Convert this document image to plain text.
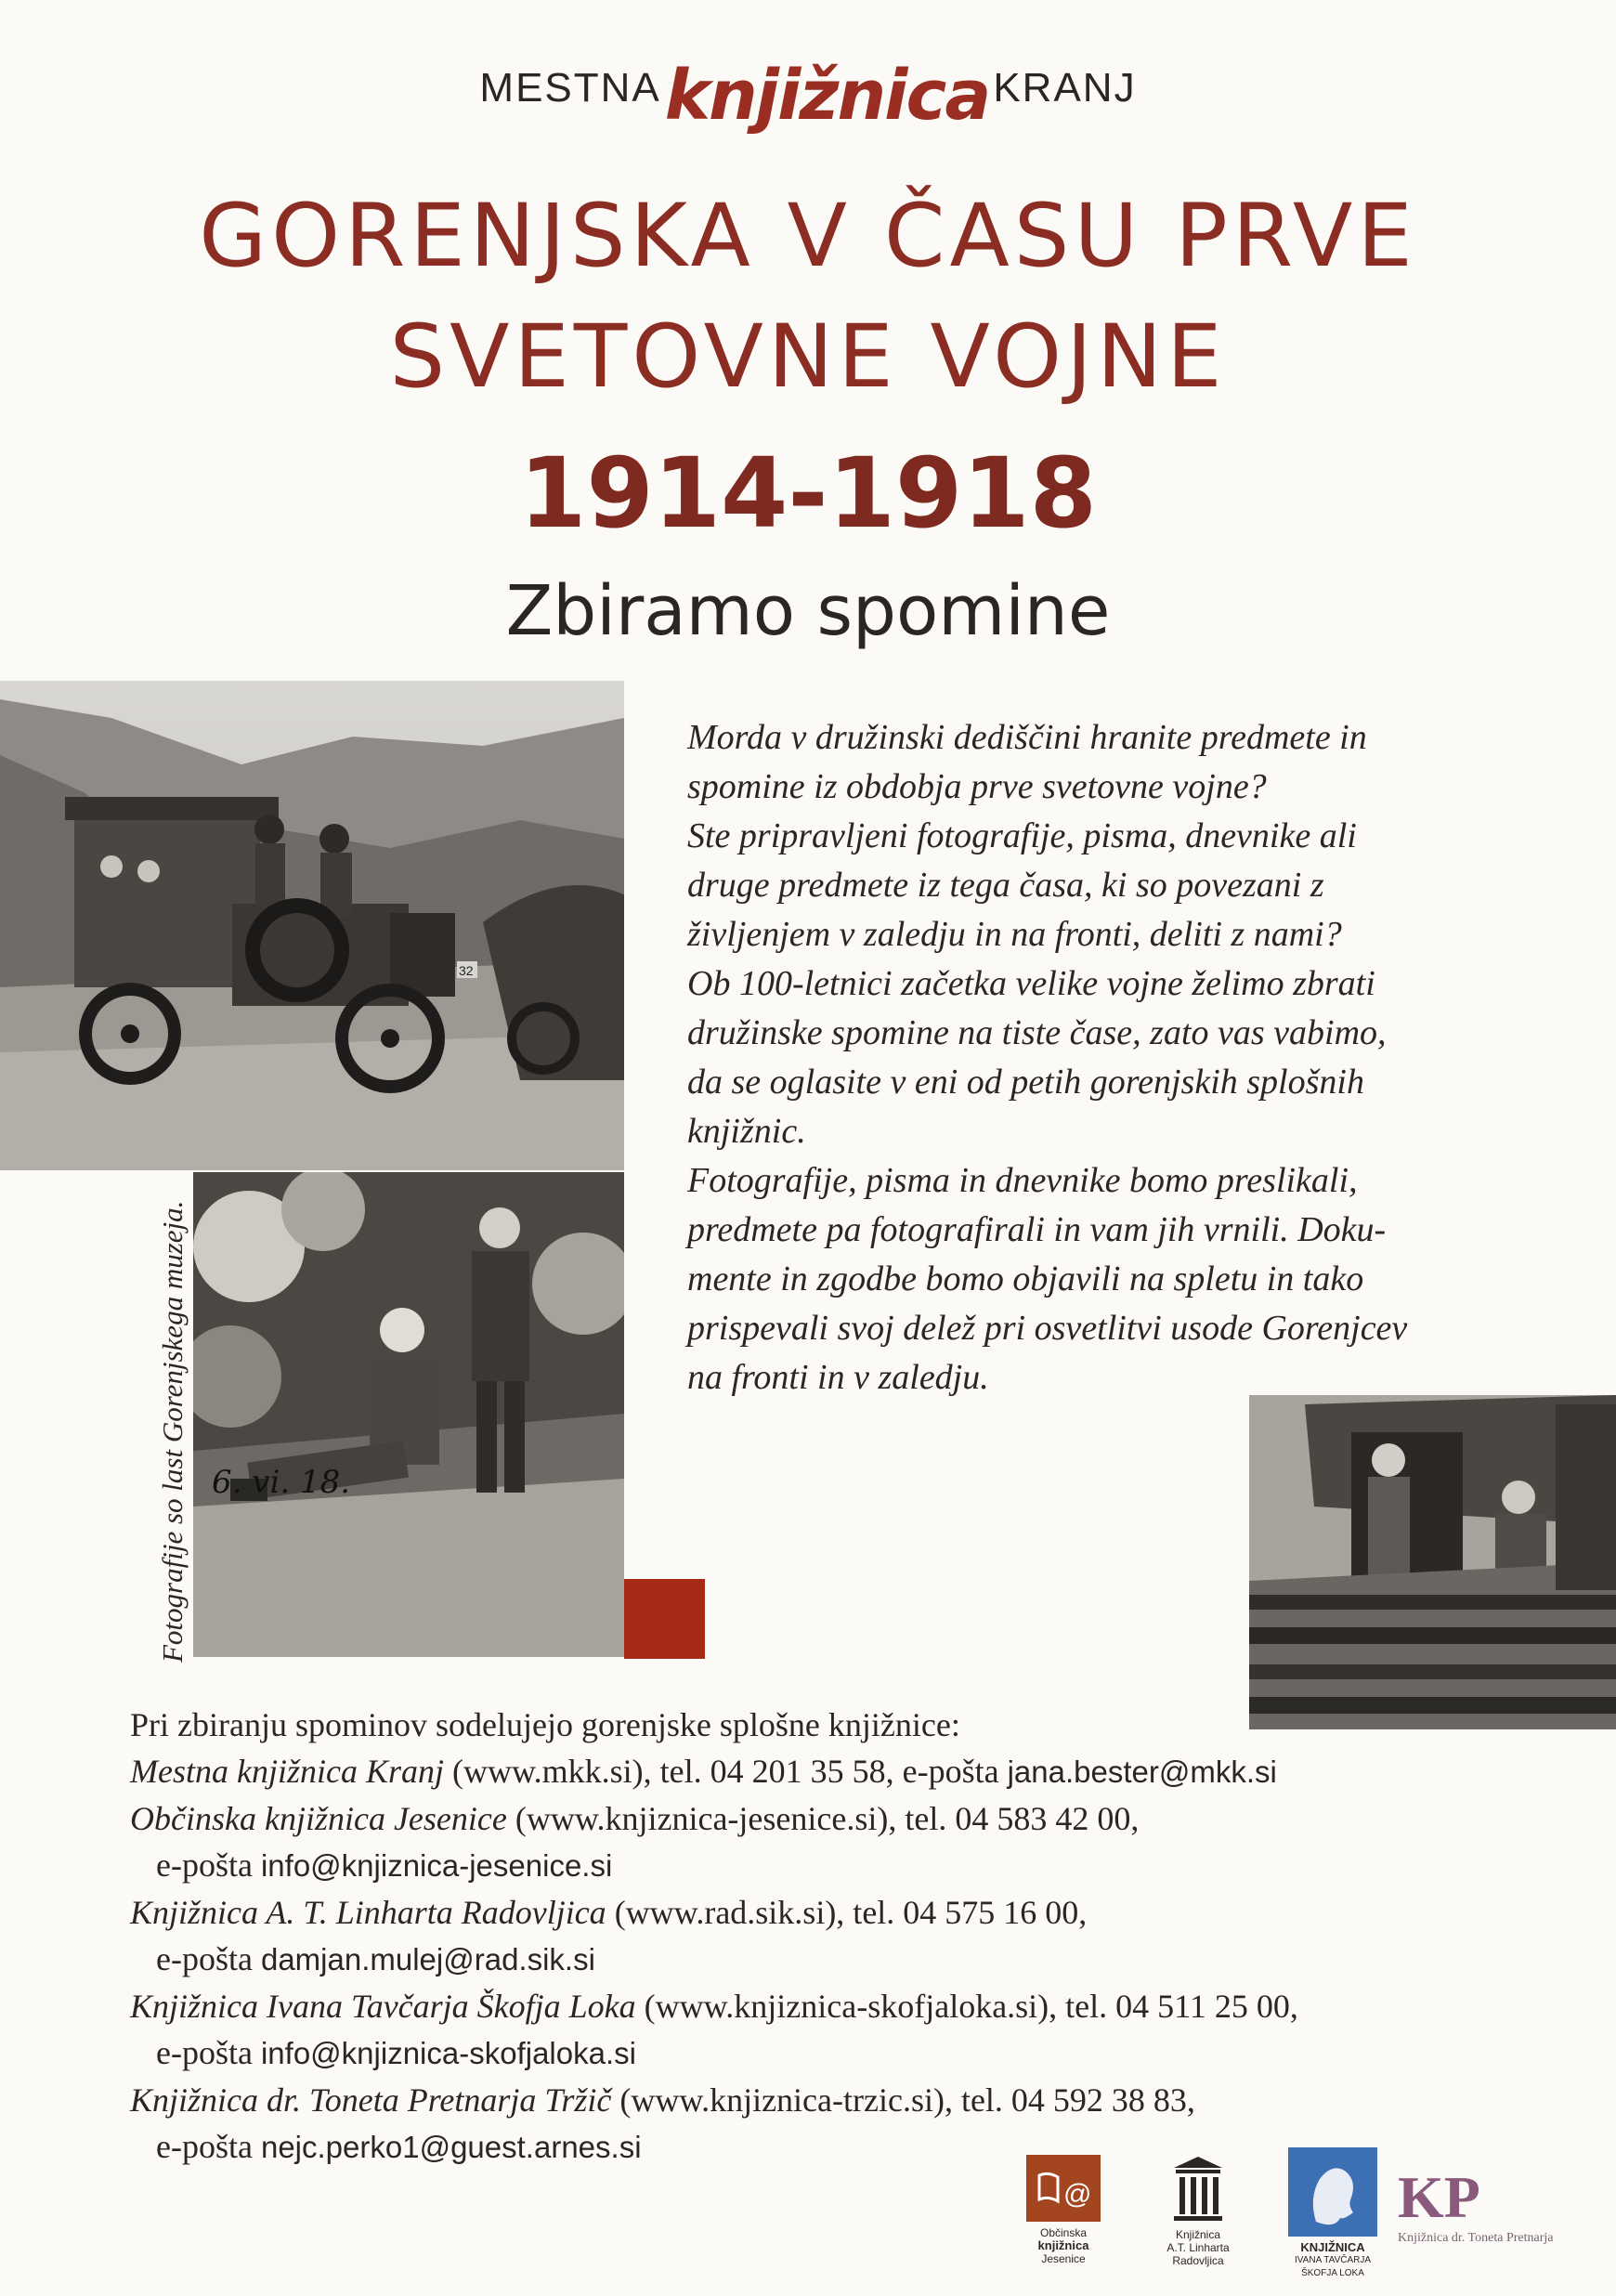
MESTNA knjižnica KRANJ
GORENJSKA V ČASU PRVE
SVETOVNE VOJNE
1914-1918
Zbiramo spomine
32
6. vi. 18.
Fotografije so last Gorenjskega muzeja.

Morda v družinski dediščini hranite predmete in

spomine iz obdobja prve svetovne vojne?

Ste pripravljeni fotografije, pisma, dnevnike ali

druge predmete iz tega časa, ki so povezani z

življenjem v zaledju in na fronti, deliti z nami?

Ob 100-letnici začetka velike vojne želimo zbrati

družinske spomine na tiste čase, zato vas vabimo,

da se oglasite v eni od petih gorenjskih splošnih

knjižnic.

Fotografije, pisma in dnevnike bomo preslikali,

predmete pa fotografirali in vam jih vrnili. Doku-

mente in zgodbe bomo objavili na spletu in tako

prispevali svoj delež pri osvetlitvi usode Gorenjcev

na fronti in v zaledju.

Pri zbiranju spominov sodelujejo gorenjske splošne knjižnice:
Mestna knjižnica Kranj (www.mkk.si), tel. 04 201 35 58, e-pošta jana.bester@mkk.si
Občinska knjižnica Jesenice (www.knjiznica-jesenice.si), tel. 04 583 42 00,
e-pošta info@knjiznica-jesenice.si
Knjižnica A. T. Linharta Radovljica (www.rad.sik.si), tel. 04 575 16 00,
e-pošta damjan.mulej@rad.sik.si
Knjižnica Ivana Tavčarja Škofja Loka (www.knjiznica-skofjaloka.si), tel. 04 511 25 00,
e-pošta info@knjiznica-skofjaloka.si
Knjižnica dr. Toneta Pretnarja Tržič (www.knjiznica-trzic.si), tel. 04 592 38 83,
e-pošta nejc.perko1@guest.arnes.si
@
Občinska
knjižnica
Jesenice
Knjižnica
A.T. Linharta
Radovljica
KNJIŽNICA
IVANA TAVČARJA
ŠKOFJA LOKA
KP
Knjižnica dr. Toneta Pretnarja
